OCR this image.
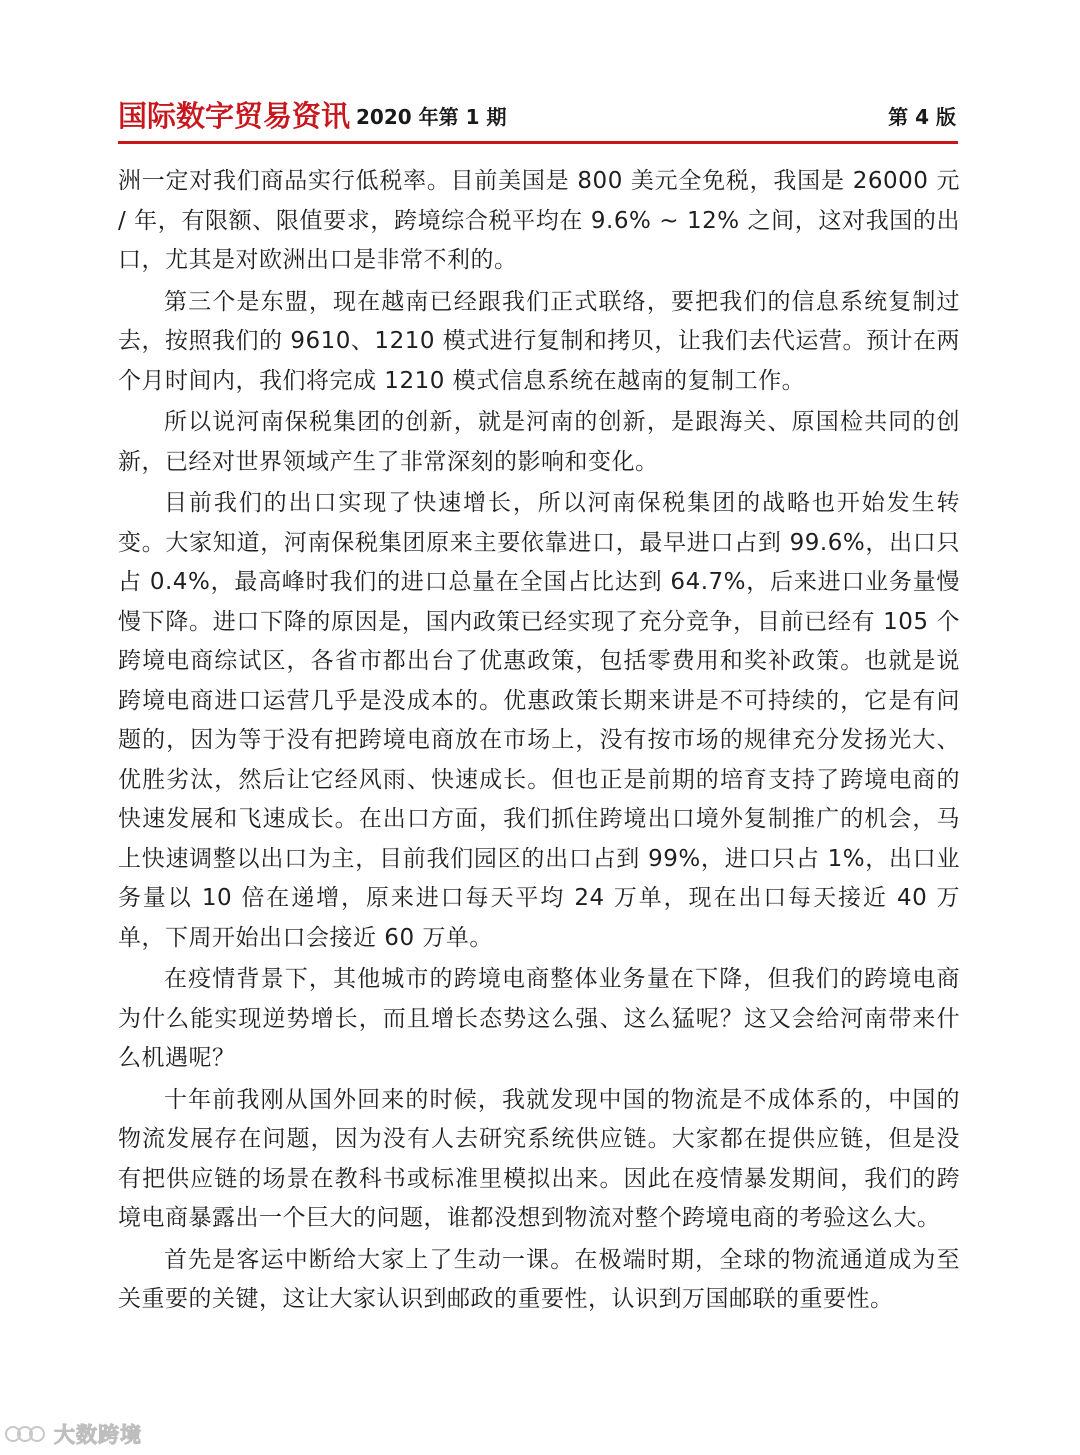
国际数字贸易资讯 2020 年第 1 期	第 4 版

洲一定对我们商品实行低税率。目前美国是 800 美元全免税，我国是 26000 元 / 年，有限额、限值要求，跨境综合税平均在 9.6% ~ 12% 之间，这对我国的出口，尤其是对欧洲出口是非常不利的。

第三个是东盟，现在越南已经跟我们正式联络，要把我们的信息系统复制过去，按照我们的 9610、1210 模式进行复制和拷贝，让我们去代运营。预计在两个月时间内，我们将完成 1210 模式信息系统在越南的复制工作。

所以说河南保税集团的创新，就是河南的创新，是跟海关、原国检共同的创新，已经对世界领域产生了非常深刻的影响和变化。

目前我们的出口实现了快速增长，所以河南保税集团的战略也开始发生转变。大家知道，河南保税集团原来主要依靠进口，最早进口占到 99.6%，出口只占 0.4%，最高峰时我们的进口总量在全国占比达到 64.7%，后来进口业务量慢慢下降。进口下降的原因是，国内政策已经实现了充分竞争，目前已经有 105 个跨境电商综试区，各省市都出台了优惠政策，包括零费用和奖补政策。也就是说跨境电商进口运营几乎是没成本的。优惠政策长期来讲是不可持续的，它是有问题的，因为等于没有把跨境电商放在市场上，没有按市场的规律充分发扬光大、优胜劣汰，然后让它经风雨、快速成长。但也正是前期的培育支持了跨境电商的快速发展和飞速成长。在出口方面，我们抓住跨境出口境外复制推广的机会，马上快速调整以出口为主，目前我们园区的出口占到 99%，进口只占 1%，出口业务量以 10 倍在递增，原来进口每天平均 24 万单，现在出口每天接近 40 万单，下周开始出口会接近 60 万单。

在疫情背景下，其他城市的跨境电商整体业务量在下降，但我们的跨境电商为什么能实现逆势增长，而且增长态势这么强、这么猛呢？这又会给河南带来什么机遇呢？

十年前我刚从国外回来的时候，我就发现中国的物流是不成体系的，中国的物流发展存在问题，因为没有人去研究系统供应链。大家都在提供应链，但是没有把供应链的场景在教科书或标准里模拟出来。因此在疫情暴发期间，我们的跨境电商暴露出一个巨大的问题，谁都没想到物流对整个跨境电商的考验这么大。

首先是客运中断给大家上了生动一课。在极端时期，全球的物流通道成为至关重要的关键，这让大家认识到邮政的重要性，认识到万国邮联的重要性。

大数跨境
